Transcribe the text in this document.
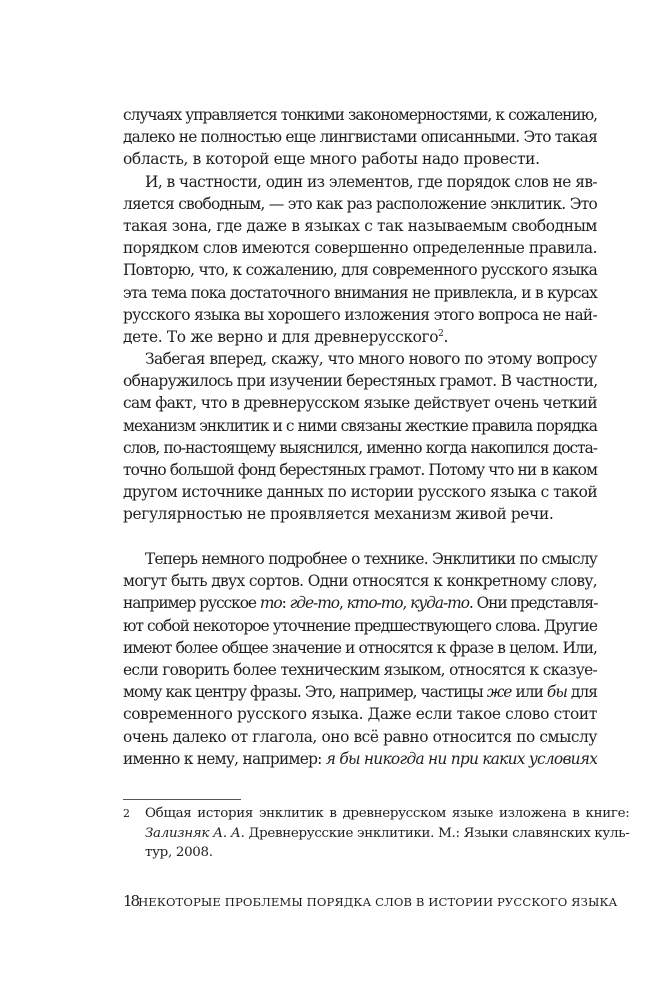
случаях управляется тонкими закономерностями, к сожалению,
далеко не полностью еще лингвистами описанными. Это такая
область, в которой еще много работы надо провести.
И, в частности, один из элементов, где порядок слов не яв-
ляется свободным, — это как раз расположение энклитик. Это
такая зона, где даже в языках с так называемым свободным
порядком слов имеются совершенно определенные правила.
Повторю, что, к сожалению, для современного русского языка
эта тема пока достаточного внимания не привлекла, и в курсах
русского языка вы хорошего изложения этого вопроса не най-
дете. То же верно и для древнерусского$^2$.
Забегая вперед, скажу, что много нового по этому вопросу
обнаружилось при изучении берестяных грамот. В частности,
сам факт, что в древнерусском языке действует очень четкий
механизм энклитик и с ними связаны жесткие правила порядка
слов, по-настоящему выяснился, именно когда накопился доста-
точно большой фонд берестяных грамот. Потому что ни в каком
другом источнике данных по истории русского языка с такой
регулярностью не проявляется механизм живой речи.
Теперь немного подробнее о технике. Энклитики по смыслу
могут быть двух сортов. Одни относятся к конкретному слову,
например русское то: где-то, кто-то, куда-то. Они представля-
ют собой некоторое уточнение предшествующего слова. Другие
имеют более общее значение и относятся к фразе в целом. Или,
если говорить более техническим языком, относятся к сказуе-
мому как центру фразы. Это, например, частицы же или бы для
современного русского языка. Даже если такое слово стоит
очень далеко от глагола, оно всё равно относится по смыслу
именно к нему, например: я бы никогда ни при каких условиях
2	Общая история энклитик в древнерусском языке изложена в книге:
Зализняк А. А. Древнерусские энклитики. М.: Языки славянских куль-
тур, 2008.
18 НЕКОТОРЫЕ ПРОБЛЕМЫ ПОРЯДКА СЛОВ В ИСТОРИИ РУССКОГО ЯЗЫКА
